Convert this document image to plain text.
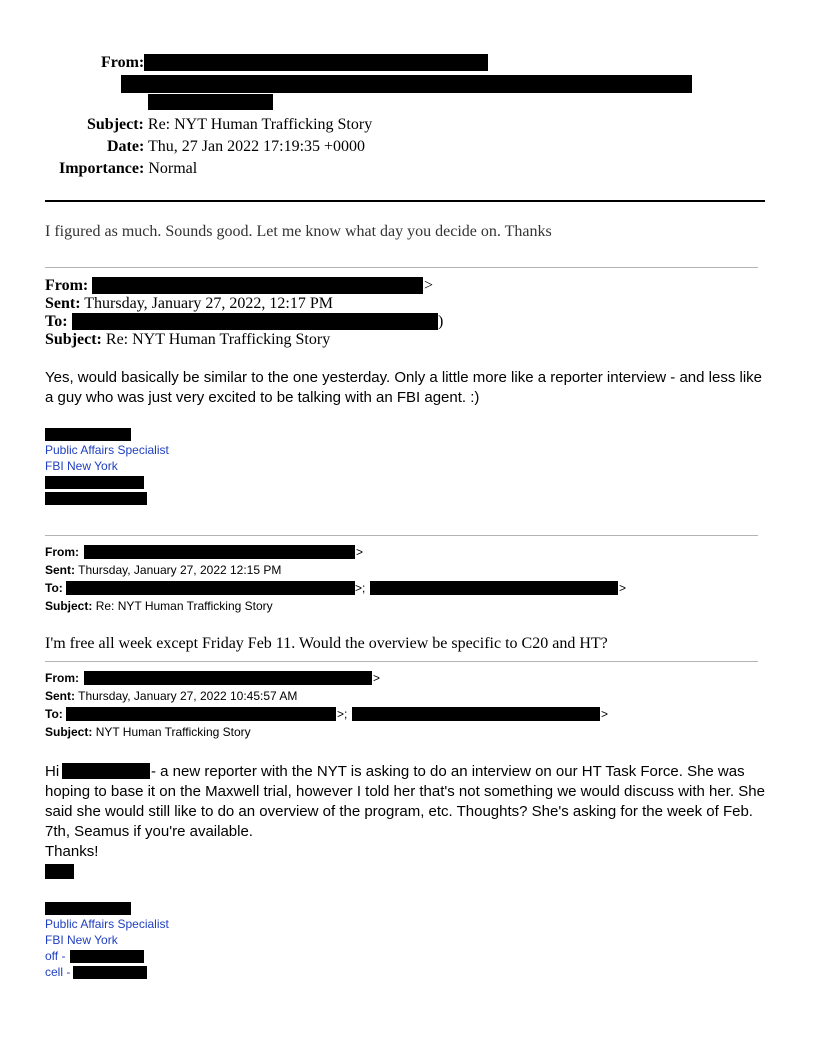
From:
Subject: Re: NYT Human Trafficking Story
Date: Thu, 27 Jan 2022 17:19:35 +0000
Importance: Normal
I figured as much. Sounds good. Let me know what day you decide on. Thanks
From:	>
Sent: Thursday, January 27, 2022, 12:17 PM
To:	)
Subject: Re: NYT Human Trafficking Story
Yes, would basically be similar to the one yesterday. Only a little more like a reporter interview - and less like a guy who was just very excited to be talking with an FBI agent. :)
Public Affairs Specialist
FBI New York
From:	>
Sent: Thursday, January 27, 2022 12:15 PM
To:	>;	>
Subject: Re: NYT Human Trafficking Story
I'm free all week except Friday Feb 11. Would the overview be specific to C20 and HT?
From:	>
Sent: Thursday, January 27, 2022 10:45:57 AM
To:	>;	>
Subject: NYT Human Trafficking Story
Hi	- a new reporter with the NYT is asking to do an interview on our HT Task Force. She was
hoping to base it on the Maxwell trial, however I told her that's not something we would discuss with her. She said she would still like to do an overview of the program, etc. Thoughts? She's asking for the week of Feb. 7th, Seamus if you're available.
Thanks!
Public Affairs Specialist
FBI New York
off -
cell -
